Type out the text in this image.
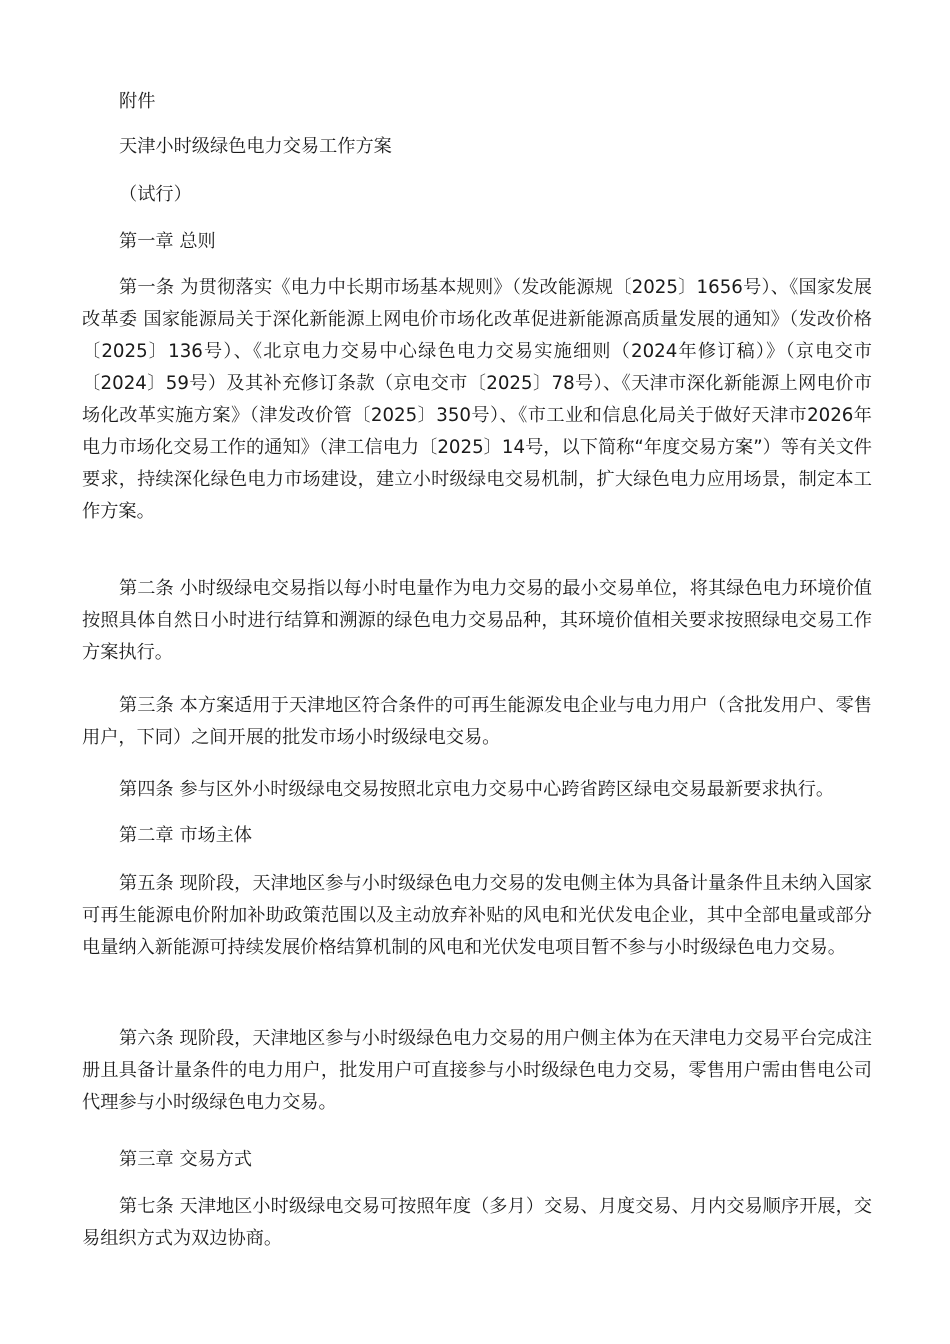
附件

天津小时级绿色电力交易工作方案

（试行）

第一章 总则

第一条 为贯彻落实《电力中长期市场基本规则》（发改能源规〔2025〕1656号）、《国家发展改革委 国家能源局关于深化新能源上网电价市场化改革促进新能源高质量发展的通知》（发改价格〔2025〕136号）、《北京电力交易中心绿色电力交易实施细则（2024年修订稿）》（京电交市〔2024〕59号）及其补充修订条款（京电交市〔2025〕78号）、《天津市深化新能源上网电价市场化改革实施方案》（津发改价管〔2025〕350号）、《市工业和信息化局关于做好天津市2026年电力市场化交易工作的通知》（津工信电力〔2025〕14号，以下简称“年度交易方案”）等有关文件要求，持续深化绿色电力市场建设，建立小时级绿电交易机制，扩大绿色电力应用场景，制定本工作方案。

第二条 小时级绿电交易指以每小时电量作为电力交易的最小交易单位，将其绿色电力环境价值按照具体自然日小时进行结算和溯源的绿色电力交易品种，其环境价值相关要求按照绿电交易工作方案执行。

第三条 本方案适用于天津地区符合条件的可再生能源发电企业与电力用户（含批发用户、零售用户，下同）之间开展的批发市场小时级绿电交易。

第四条 参与区外小时级绿电交易按照北京电力交易中心跨省跨区绿电交易最新要求执行。

第二章 市场主体

第五条 现阶段，天津地区参与小时级绿色电力交易的发电侧主体为具备计量条件且未纳入国家可再生能源电价附加补助政策范围以及主动放弃补贴的风电和光伏发电企业，其中全部电量或部分电量纳入新能源可持续发展价格结算机制的风电和光伏发电项目暂不参与小时级绿色电力交易。

第六条 现阶段，天津地区参与小时级绿色电力交易的用户侧主体为在天津电力交易平台完成注册且具备计量条件的电力用户，批发用户可直接参与小时级绿色电力交易，零售用户需由售电公司代理参与小时级绿色电力交易。

第三章 交易方式

第七条 天津地区小时级绿电交易可按照年度（多月）交易、月度交易、月内交易顺序开展，交易组织方式为双边协商。
